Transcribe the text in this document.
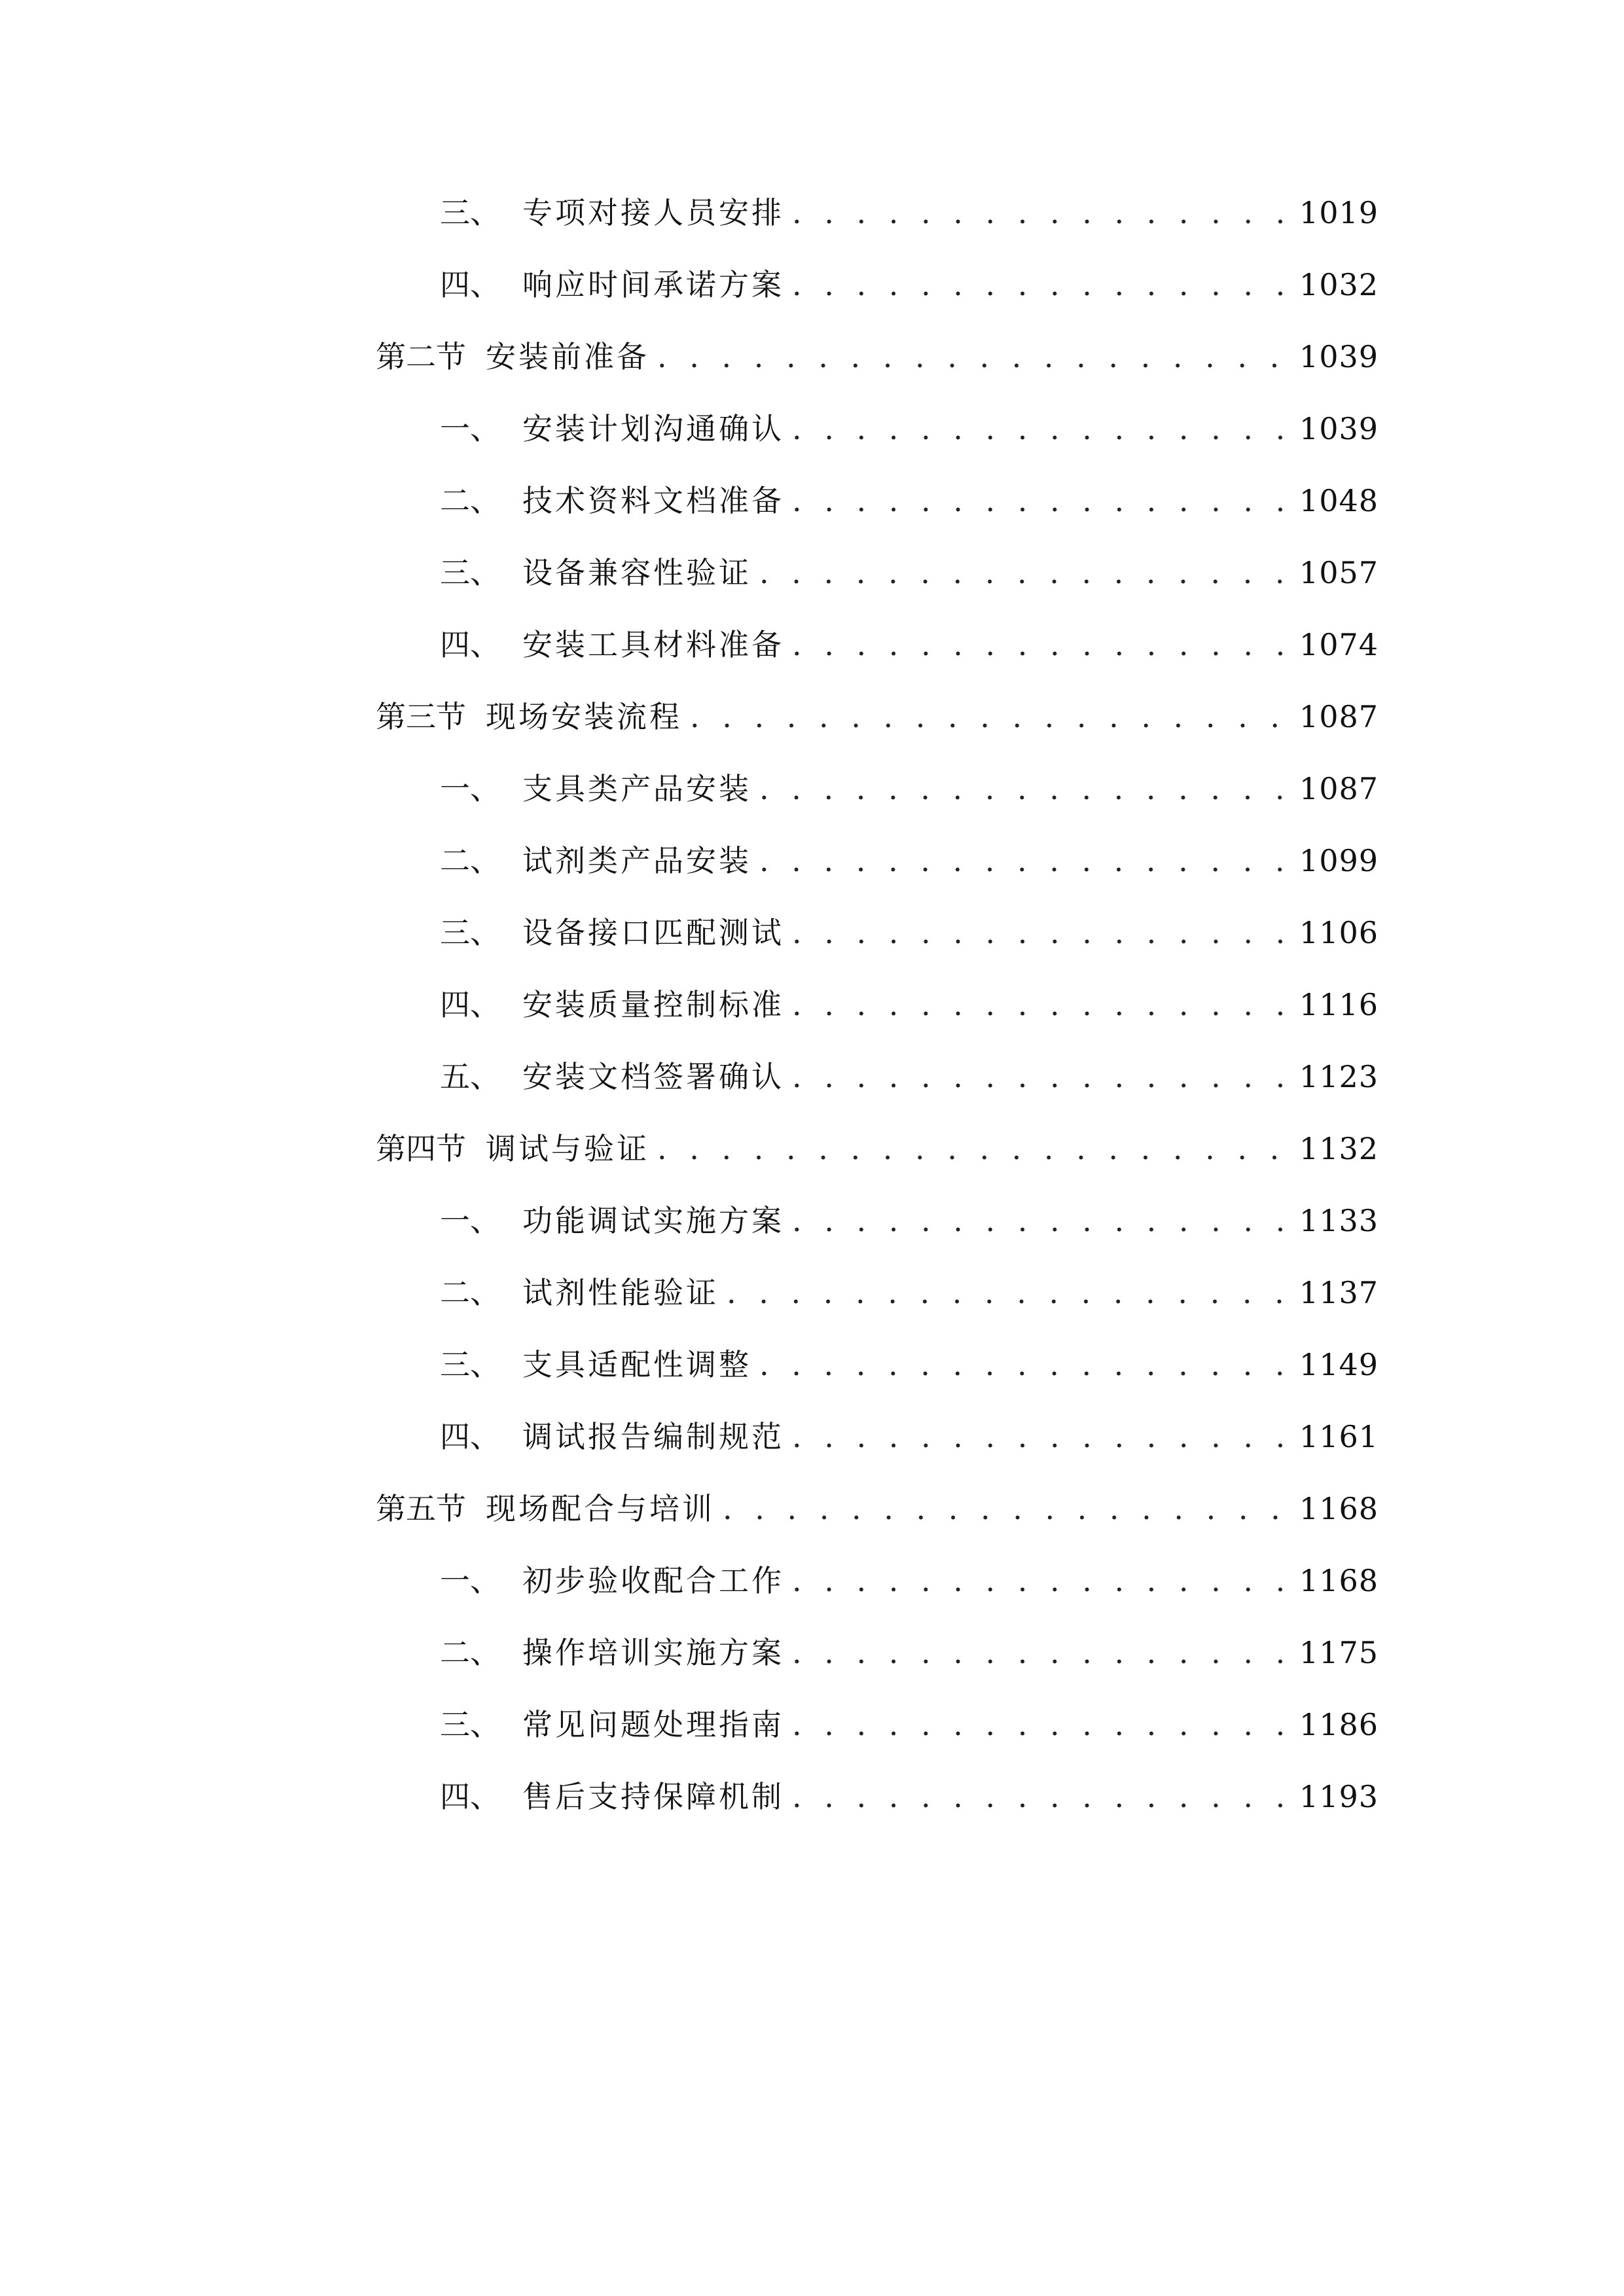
三、 专项对接人员安排 . . .	1019
四、 响应时间承诺方案 . . .	1032
第二节 安装前准备 . . .	1039
一、 安装计划沟通确认 . . .	1039
二、 技术资料文档准备 . . .	1048
三、 设备兼容性验证 . . .	1057
四、 安装工具材料准备 . . .	1074
第三节 现场安装流程 . . .	1087
一、 支具类产品安装 . . .	1087
二、 试剂类产品安装 . . .	1099
三、 设备接口匹配测试 . . .	1106
四、 安装质量控制标准 . . .	1116
五、 安装文档签署确认 . . .	1123
第四节 调试与验证 . . .	1132
一、 功能调试实施方案 . . .	1133
二、 试剂性能验证 . . .	1137
三、 支具适配性调整 . . .	1149
四、 调试报告编制规范 . . .	1161
第五节 现场配合与培训 . . .	1168
一、 初步验收配合工作 . . .	1168
二、 操作培训实施方案 . . .	1175
三、 常见问题处理指南 . . .	1186
四、 售后支持保障机制 . . .	1193
